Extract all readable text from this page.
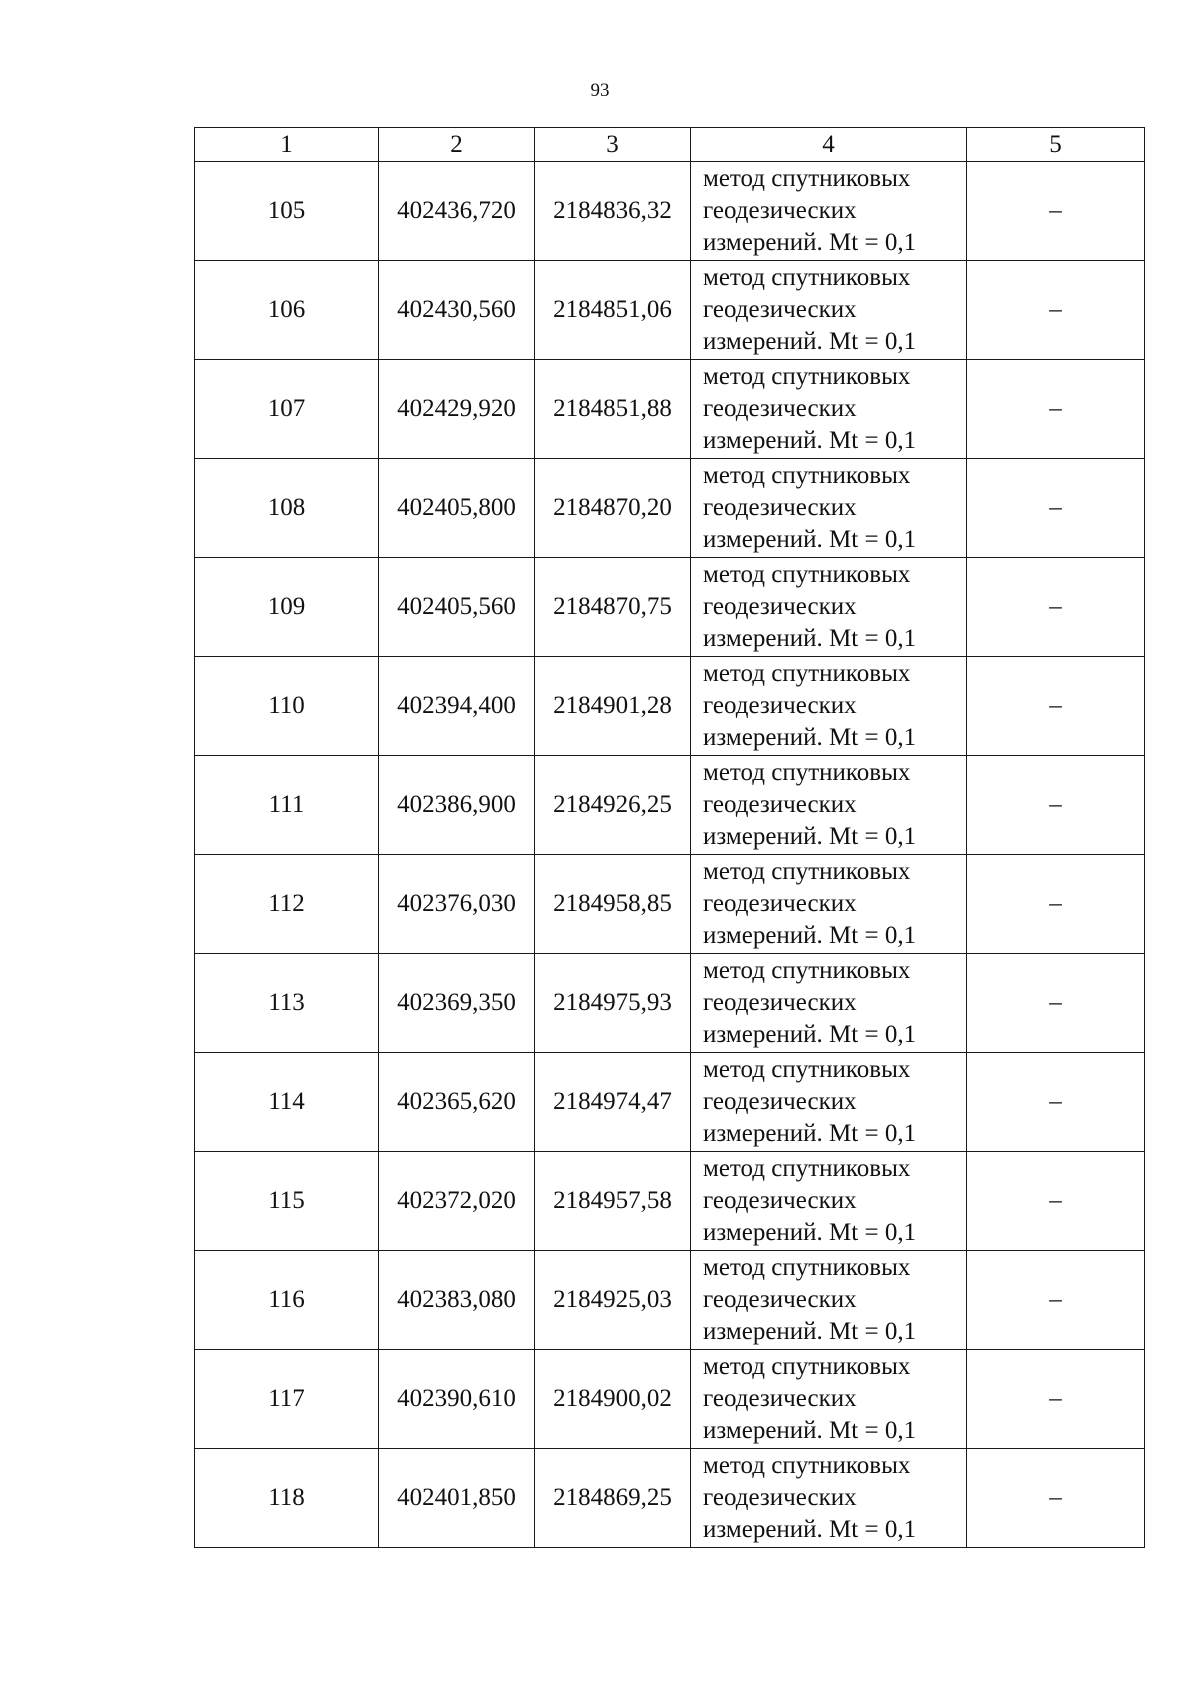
93
1	2	3	4	5
105	402436,720	2184836,32	метод спутниковых
геодезических
измерений. Mt = 0,1	–
106	402430,560	2184851,06	метод спутниковых
геодезических
измерений. Mt = 0,1	–
107	402429,920	2184851,88	метод спутниковых
геодезических
измерений. Mt = 0,1	–
108	402405,800	2184870,20	метод спутниковых
геодезических
измерений. Mt = 0,1	–
109	402405,560	2184870,75	метод спутниковых
геодезических
измерений. Mt = 0,1	–
110	402394,400	2184901,28	метод спутниковых
геодезических
измерений. Mt = 0,1	–
111	402386,900	2184926,25	метод спутниковых
геодезических
измерений. Mt = 0,1	–
112	402376,030	2184958,85	метод спутниковых
геодезических
измерений. Mt = 0,1	–
113	402369,350	2184975,93	метод спутниковых
геодезических
измерений. Mt = 0,1	–
114	402365,620	2184974,47	метод спутниковых
геодезических
измерений. Mt = 0,1	–
115	402372,020	2184957,58	метод спутниковых
геодезических
измерений. Mt = 0,1	–
116	402383,080	2184925,03	метод спутниковых
геодезических
измерений. Mt = 0,1	–
117	402390,610	2184900,02	метод спутниковых
геодезических
измерений. Mt = 0,1	–
118	402401,850	2184869,25	метод спутниковых
геодезических
измерений. Mt = 0,1	–
